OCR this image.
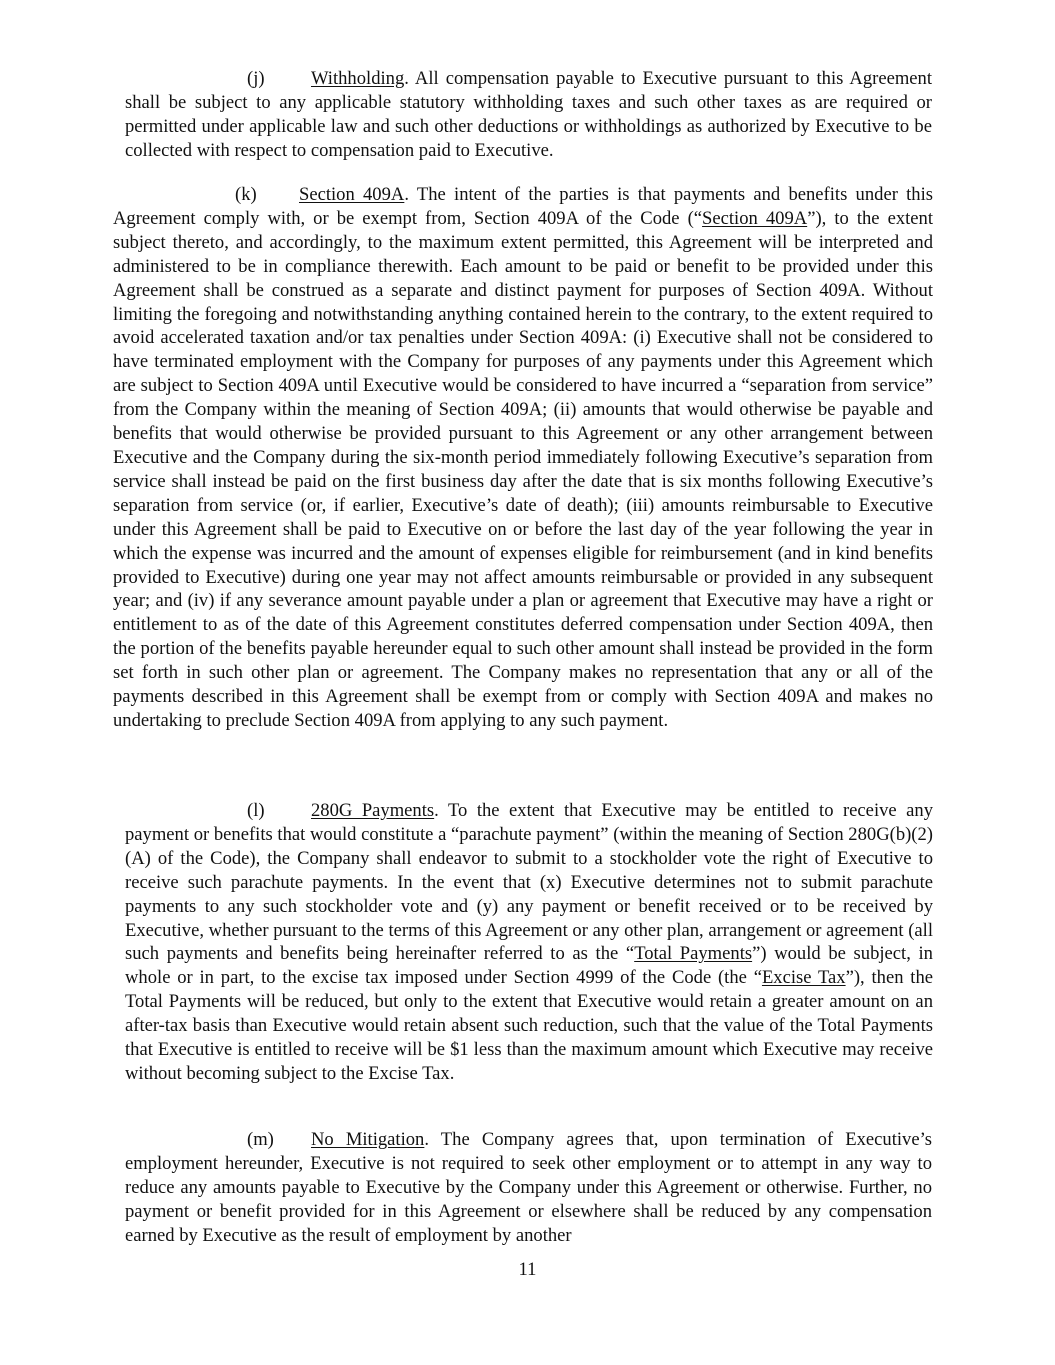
(j) Withholding. All compensation payable to Executive pursuant to this Agreement shall be subject to any applicable statutory withholding taxes and such other taxes as are required or permitted under applicable law and such other deductions or withholdings as authorized by Executive to be collected with respect to compensation paid to Executive.

(k) Section 409A. The intent of the parties is that payments and benefits under this Agreement comply with, or be exempt from, Section 409A of the Code (“Section 409A”), to the extent subject thereto, and accordingly, to the maximum extent permitted, this Agreement will be interpreted and administered to be in compliance therewith. Each amount to be paid or benefit to be provided under this Agreement shall be construed as a separate and distinct payment for purposes of Section 409A. Without limiting the foregoing and notwithstanding anything contained herein to the contrary, to the extent required to avoid accelerated taxation and/or tax penalties under Section 409A: (i) Executive shall not be considered to have terminated employment with the Company for purposes of any payments under this Agreement which are subject to Section 409A until Executive would be considered to have incurred a “separation from service” from the Company within the meaning of Section 409A; (ii) amounts that would otherwise be payable and benefits that would otherwise be provided pursuant to this Agreement or any other arrangement between Executive and the Company during the six-month period immediately following Executive’s separation from service shall instead be paid on the first business day after the date that is six months following Executive’s separation from service (or, if earlier, Executive’s date of death); (iii) amounts reimbursable to Executive under this Agreement shall be paid to Executive on or before the last day of the year following the year in which the expense was incurred and the amount of expenses eligible for reimbursement (and in kind benefits provided to Executive) during one year may not affect amounts reimbursable or provided in any subsequent year; and (iv) if any severance amount payable under a plan or agreement that Executive may have a right or entitlement to as of the date of this Agreement constitutes deferred compensation under Section 409A, then the portion of the benefits payable hereunder equal to such other amount shall instead be provided in the form set forth in such other plan or agreement. The Company makes no representation that any or all of the payments described in this Agreement shall be exempt from or comply with Section 409A and makes no undertaking to preclude Section 409A from applying to any such payment.

(l) 280G Payments. To the extent that Executive may be entitled to receive any payment or benefits that would constitute a “parachute payment” (within the meaning of Section 280G(b)(2)(A) of the Code), the Company shall endeavor to submit to a stockholder vote the right of Executive to receive such parachute payments. In the event that (x) Executive determines not to submit parachute payments to any such stockholder vote and (y) any payment or benefit received or to be received by Executive, whether pursuant to the terms of this Agreement or any other plan, arrangement or agreement (all such payments and benefits being hereinafter referred to as the “Total Payments”) would be subject, in whole or in part, to the excise tax imposed under Section 4999 of the Code (the “Excise Tax”), then the Total Payments will be reduced, but only to the extent that Executive would retain a greater amount on an after-tax basis than Executive would retain absent such reduction, such that the value of the Total Payments that Executive is entitled to receive will be $1 less than the maximum amount which Executive may receive without becoming subject to the Excise Tax.

(m) No Mitigation. The Company agrees that, upon termination of Executive’s employment hereunder, Executive is not required to seek other employment or to attempt in any way to reduce any amounts payable to Executive by the Company under this Agreement or otherwise. Further, no payment or benefit provided for in this Agreement or elsewhere shall be reduced by any compensation earned by Executive as the result of employment by another

11
